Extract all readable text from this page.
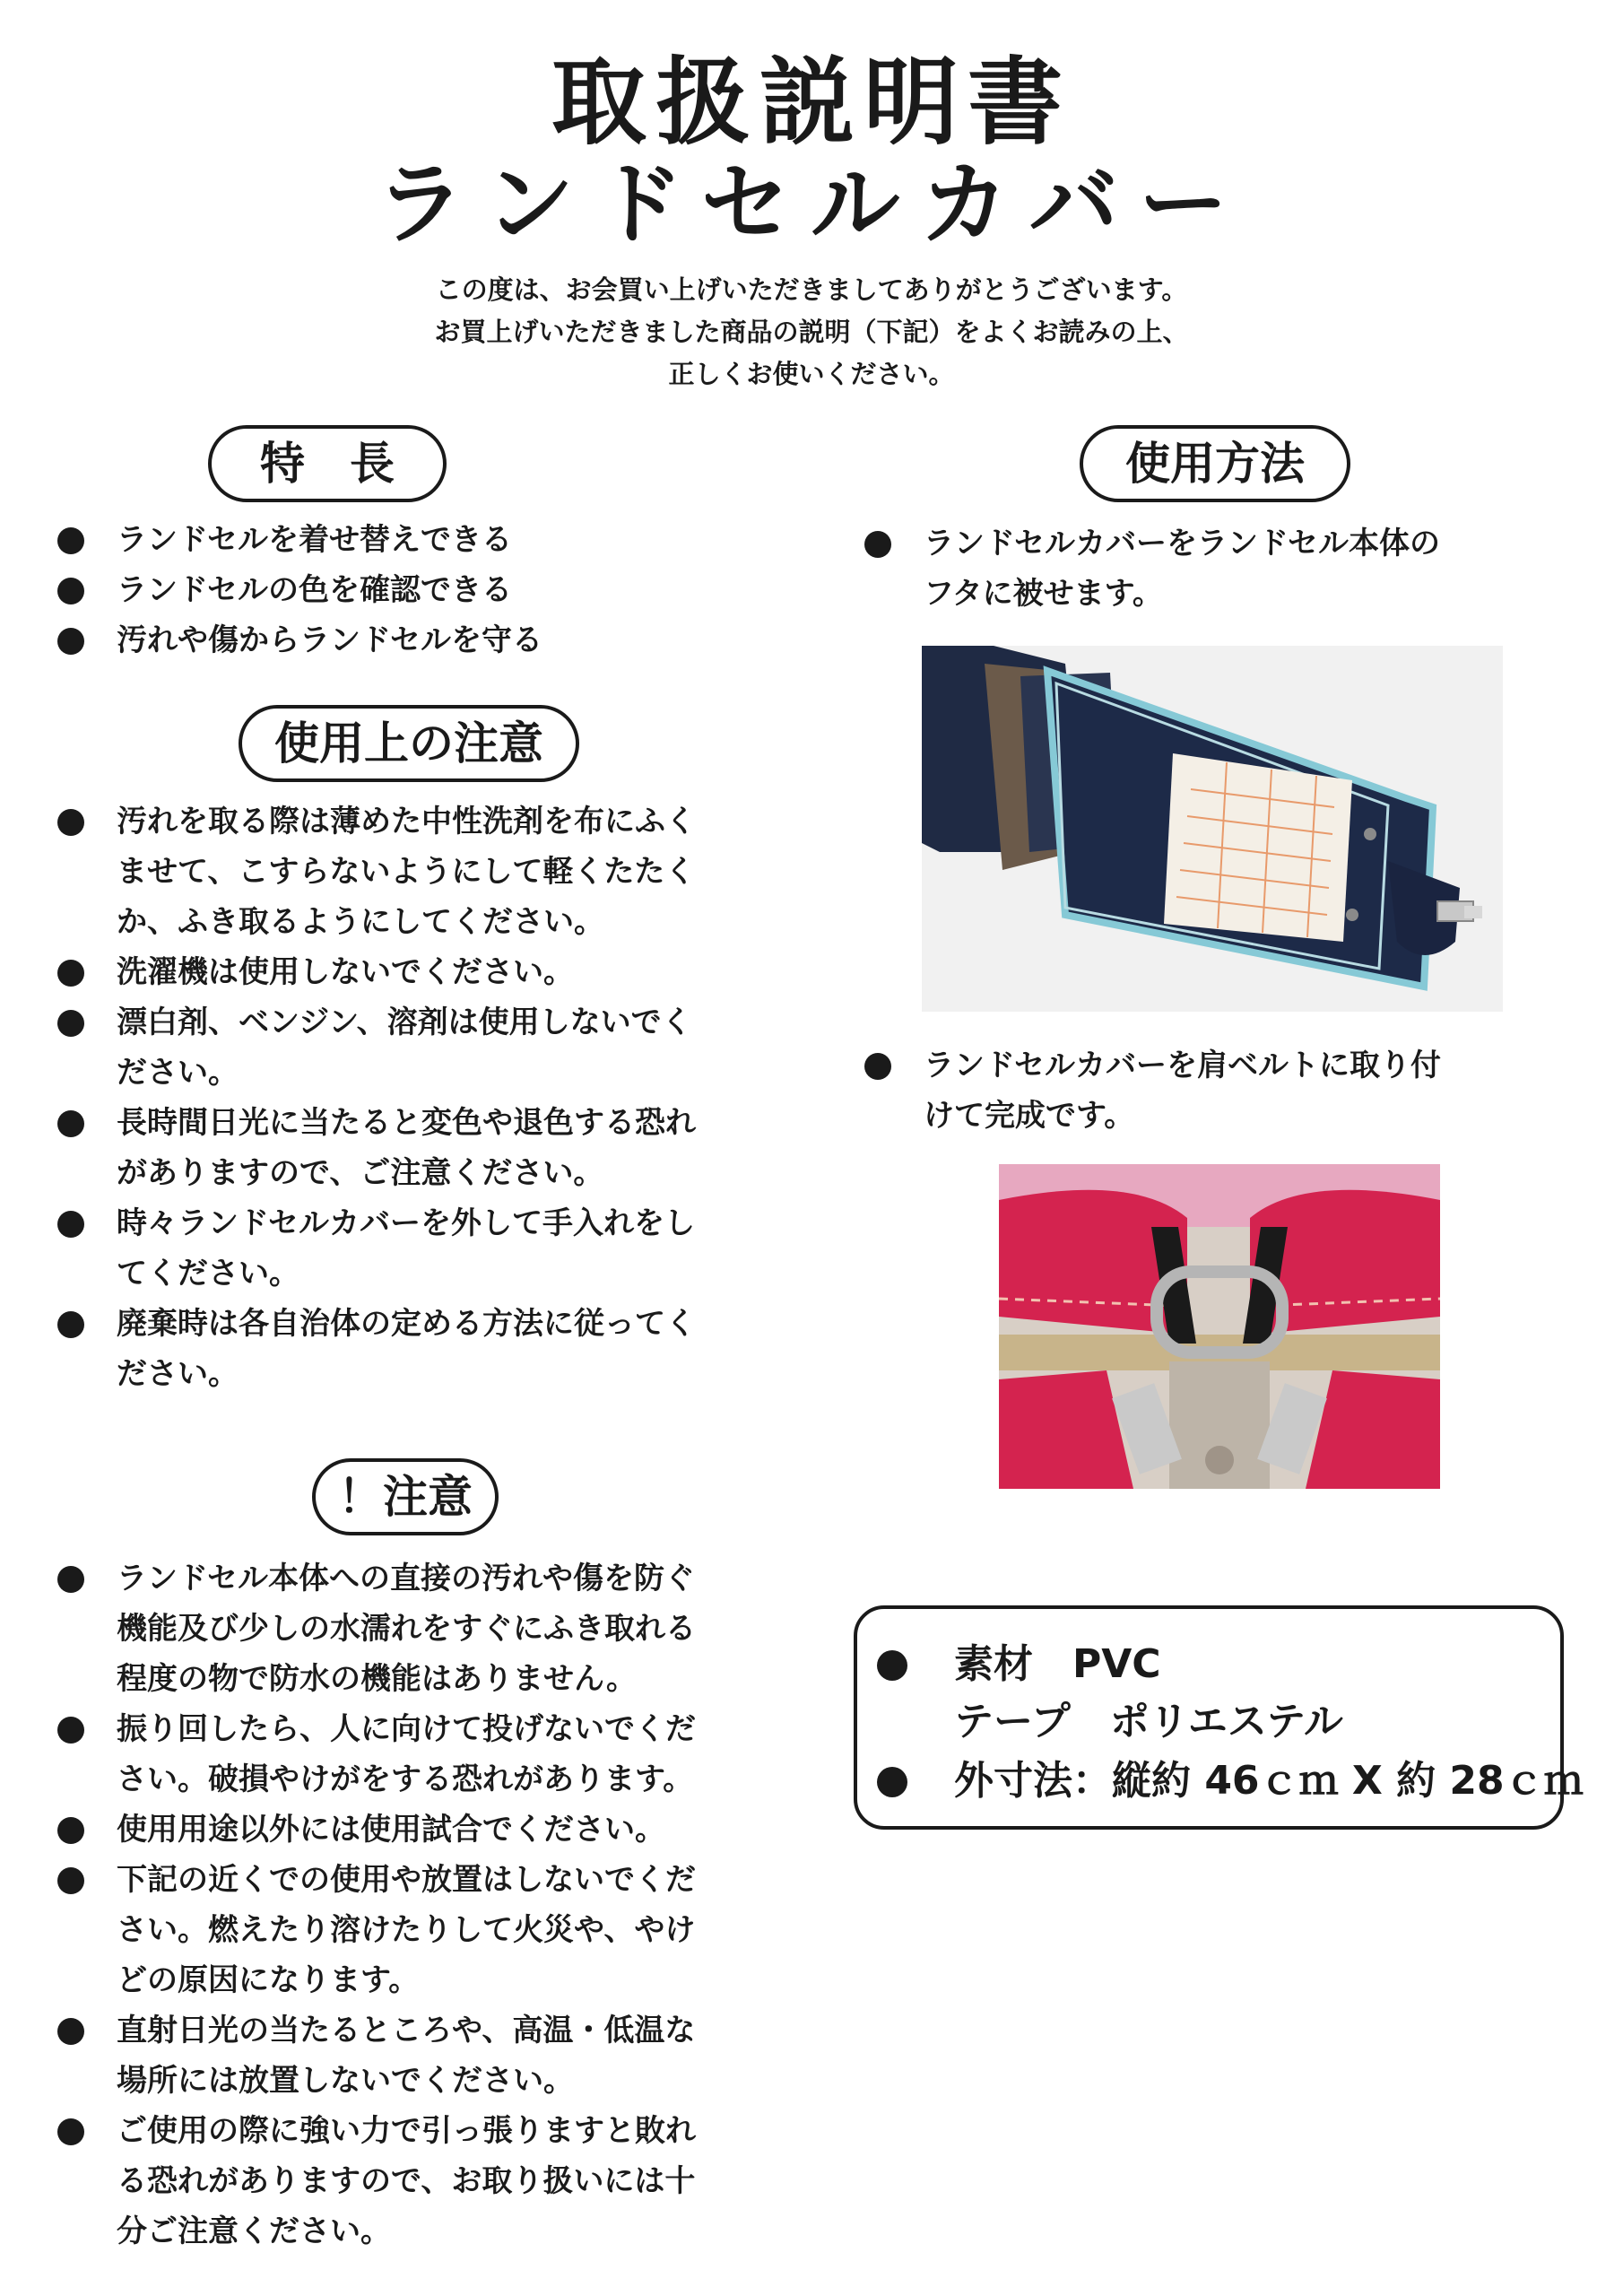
取扱説明書
ランドセルカバー
この度は、お会買い上げいただきましてありがとうございます。
お買上げいただきました商品の説明（下記）をよくお読みの上、
正しくお使いください。
特　長
ランドセルを着せ替えできる
ランドセルの色を確認できる
汚れや傷からランドセルを守る
使用上の注意
汚れを取る際は薄めた中性洗剤を布にふく
ませて、こすらないようにして軽くたたく
か、ふき取るようにしてください。
洗濯機は使用しないでください。
漂白剤、ベンジン、溶剤は使用しないでく
ださい。
長時間日光に当たると変色や退色する恐れ
がありますので、ご注意ください。
時々ランドセルカバーを外して手入れをし
てください。
廃棄時は各自治体の定める方法に従ってく
ださい。
！注意
ランドセル本体への直接の汚れや傷を防ぐ
機能及び少しの水濡れをすぐにふき取れる
程度の物で防水の機能はありません。
振り回したら、人に向けて投げないでくだ
さい。破損やけがをする恐れがあります。
使用用途以外には使用試合でください。
下記の近くでの使用や放置はしないでくだ
さい。燃えたり溶けたりして火災や、やけ
どの原因になります。
直射日光の当たるところや、高温・低温な
場所には放置しないでください。
ご使用の際に強い力で引っ張りますと敗れ
る恐れがありますので、お取り扱いには十
分ご注意ください。
使用方法
ランドセルカバーをランドセル本体の
フタに被せます。
ランドセルカバーを肩ベルトに取り付
けて完成です。
素材　PVC
テープ　ポリエステル
外寸法：縦約 46ｃｍ X 約 28ｃｍ
